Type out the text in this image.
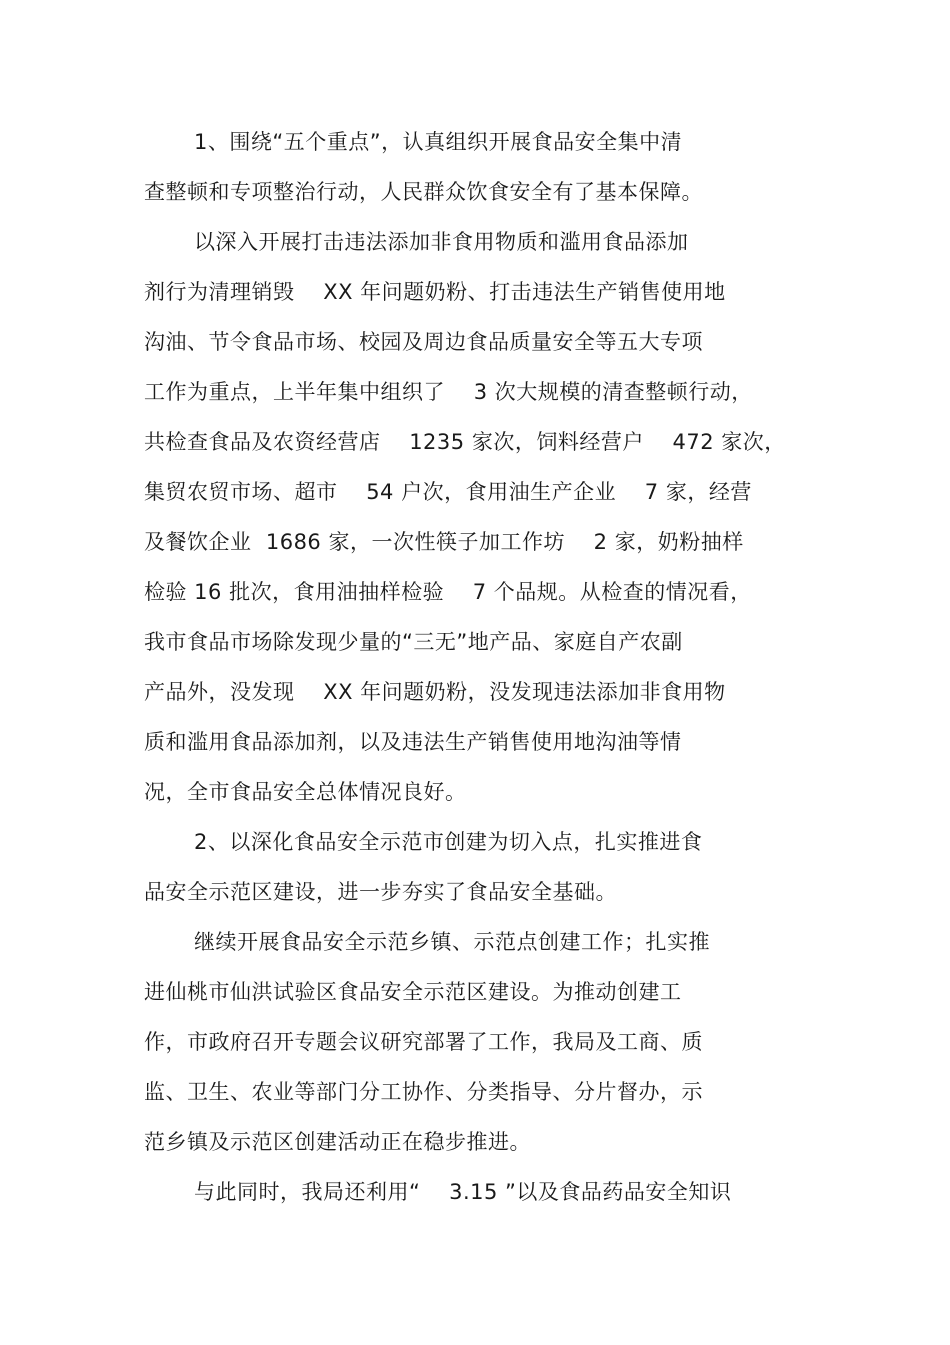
1、围绕“五个重点”，认真组织开展食品安全集中清
查整顿和专项整治行动，人民群众饮食安全有了基本保障。
以深入开展打击违法添加非食用物质和滥用食品添加
剂行为清理销毁    XX 年问题奶粉、打击违法生产销售使用地
沟油、节令食品市场、校园及周边食品质量安全等五大专项
工作为重点，上半年集中组织了    3 次大规模的清查整顿行动，
共检查食品及农资经营店    1235 家次，饲料经营户    472 家次，
集贸农贸市场、超市    54 户次，食用油生产企业    7 家，经营
及餐饮企业  1686 家，一次性筷子加工作坊    2 家，奶粉抽样
检验 16 批次，食用油抽样检验    7 个品规。从检查的情况看，
我市食品市场除发现少量的“三无”地产品、家庭自产农副
产品外，没发现    XX 年问题奶粉，没发现违法添加非食用物
质和滥用食品添加剂，以及违法生产销售使用地沟油等情
况，全市食品安全总体情况良好。
2、以深化食品安全示范市创建为切入点，扎实推进食
品安全示范区建设，进一步夯实了食品安全基础。
继续开展食品安全示范乡镇、示范点创建工作；扎实推
进仙桃市仙洪试验区食品安全示范区建设。为推动创建工
作，市政府召开专题会议研究部署了工作，我局及工商、质
监、卫生、农业等部门分工协作、分类指导、分片督办，示
范乡镇及示范区创建活动正在稳步推进。
与此同时，我局还利用“    3.15 ”以及食品药品安全知识
